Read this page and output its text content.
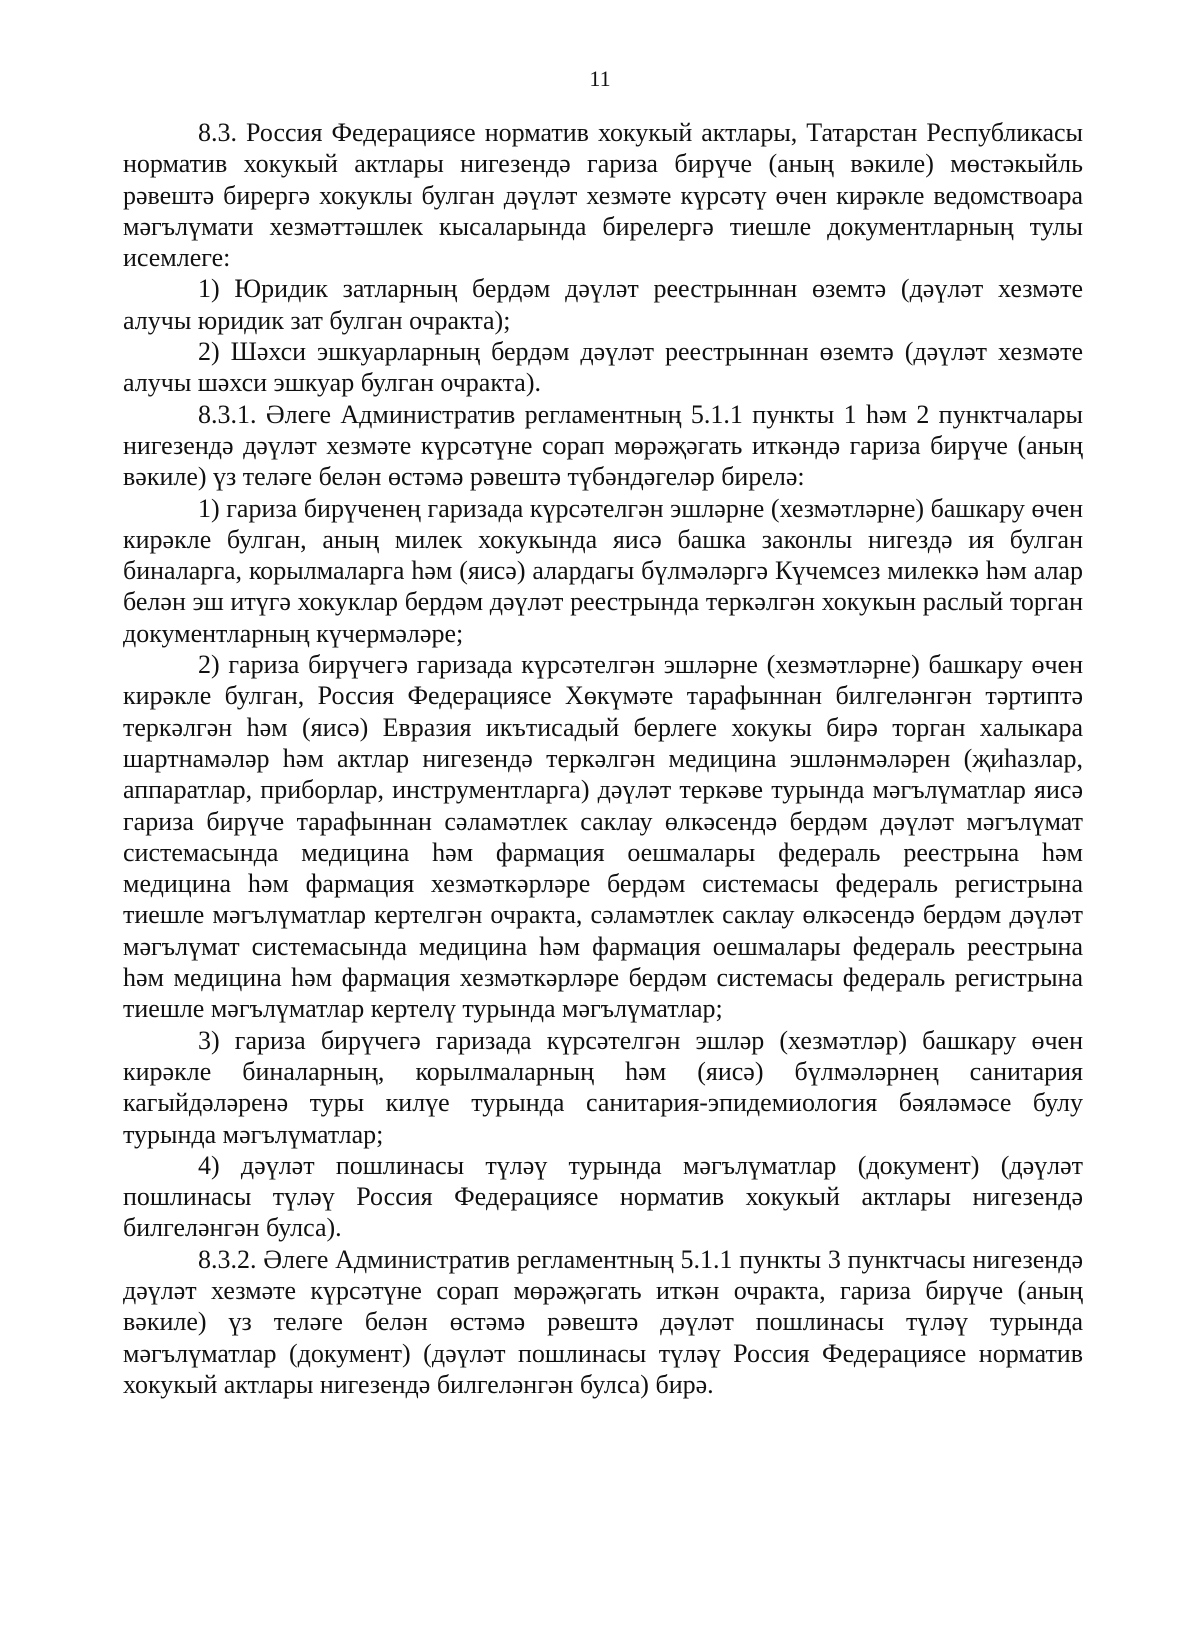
11

8.3. Россия Федерациясе норматив хокукый актлары, Татарстан Республикасы норматив хокукый актлары нигезендә гариза бирүче (аның вәкиле) мөстәкыйль рәвештә бирергә хокуклы булган дәүләт хезмәте күрсәтү өчен кирәкле ведомствоара мәгълүмати хезмәттәшлек кысаларында бирелергә тиешле документларның тулы исемлеге:

1) Юридик затларның бердәм дәүләт реестрыннан өземтә (дәүләт хезмәте алучы юридик зат булган очракта);

2) Шәхси эшкуарларның бердәм дәүләт реестрыннан өземтә (дәүләт хезмәте алучы шәхси эшкуар булган очракта).

8.3.1. Әлеге Административ регламентның 5.1.1 пункты 1 һәм 2 пунктчалары нигезендә дәүләт хезмәте күрсәтүне сорап мөрәҗәгать иткәндә гариза бирүче (аның вәкиле) үз теләге белән өстәмә рәвештә түбәндәгеләр бирелә:

1) гариза бирүченең гаризада күрсәтелгән эшләрне (хезмәтләрне) башкару өчен кирәкле булган, аның милек хокукында яисә башка законлы нигездә ия булган биналарга, корылмаларга һәм (яисә) алардагы бүлмәләргә Күчемсез милеккә һәм алар белән эш итүгә хокуклар бердәм дәүләт реестрында теркәлгән хокукын раслый торган документларның күчермәләре;

2) гариза бирүчегә гаризада күрсәтелгән эшләрне (хезмәтләрне) башкару өчен кирәкле булган, Россия Федерациясе Хөкүмәте тарафыннан билгеләнгән тәртиптә теркәлгән һәм (яисә) Евразия икътисадый берлеге хокукы бирә торган халыкара шартнамәләр һәм актлар нигезендә теркәлгән медицина эшләнмәләрен (җиһазлар, аппаратлар, приборлар, инструментларга) дәүләт теркәве турында мәгълүматлар яисә гариза бирүче тарафыннан сәламәтлек саклау өлкәсендә бердәм дәүләт мәгълүмат системасында медицина һәм фармация оешмалары федераль реестрына һәм медицина һәм фармация хезмәткәрләре бердәм системасы федераль регистрына тиешле мәгълүматлар кертелгән очракта, сәламәтлек саклау өлкәсендә бердәм дәүләт мәгълүмат системасында медицина һәм фармация оешмалары федераль реестрына һәм медицина һәм фармация хезмәткәрләре бердәм системасы федераль регистрына тиешле мәгълүматлар кертелү турында мәгълүматлар;

3) гариза бирүчегә гаризада күрсәтелгән эшләр (хезмәтләр) башкару өчен кирәкле биналарның, корылмаларның һәм (яисә) бүлмәләрнең санитария кагыйдәләренә туры килүе турында санитария-эпидемиология бәяләмәсе булу турында мәгълүматлар;

4) дәүләт пошлинасы түләү турында мәгълүматлар (документ) (дәүләт пошлинасы түләү Россия Федерациясе норматив хокукый актлары нигезендә билгеләнгән булса).

8.3.2. Әлеге Административ регламентның 5.1.1 пункты 3 пунктчасы нигезендә дәүләт хезмәте күрсәтүне сорап мөрәҗәгать иткән очракта, гариза бирүче (аның вәкиле) үз теләге белән өстәмә рәвештә дәүләт пошлинасы түләү турында мәгълүматлар (документ) (дәүләт пошлинасы түләү Россия Федерациясе норматив хокукый актлары нигезендә билгеләнгән булса) бирә.
